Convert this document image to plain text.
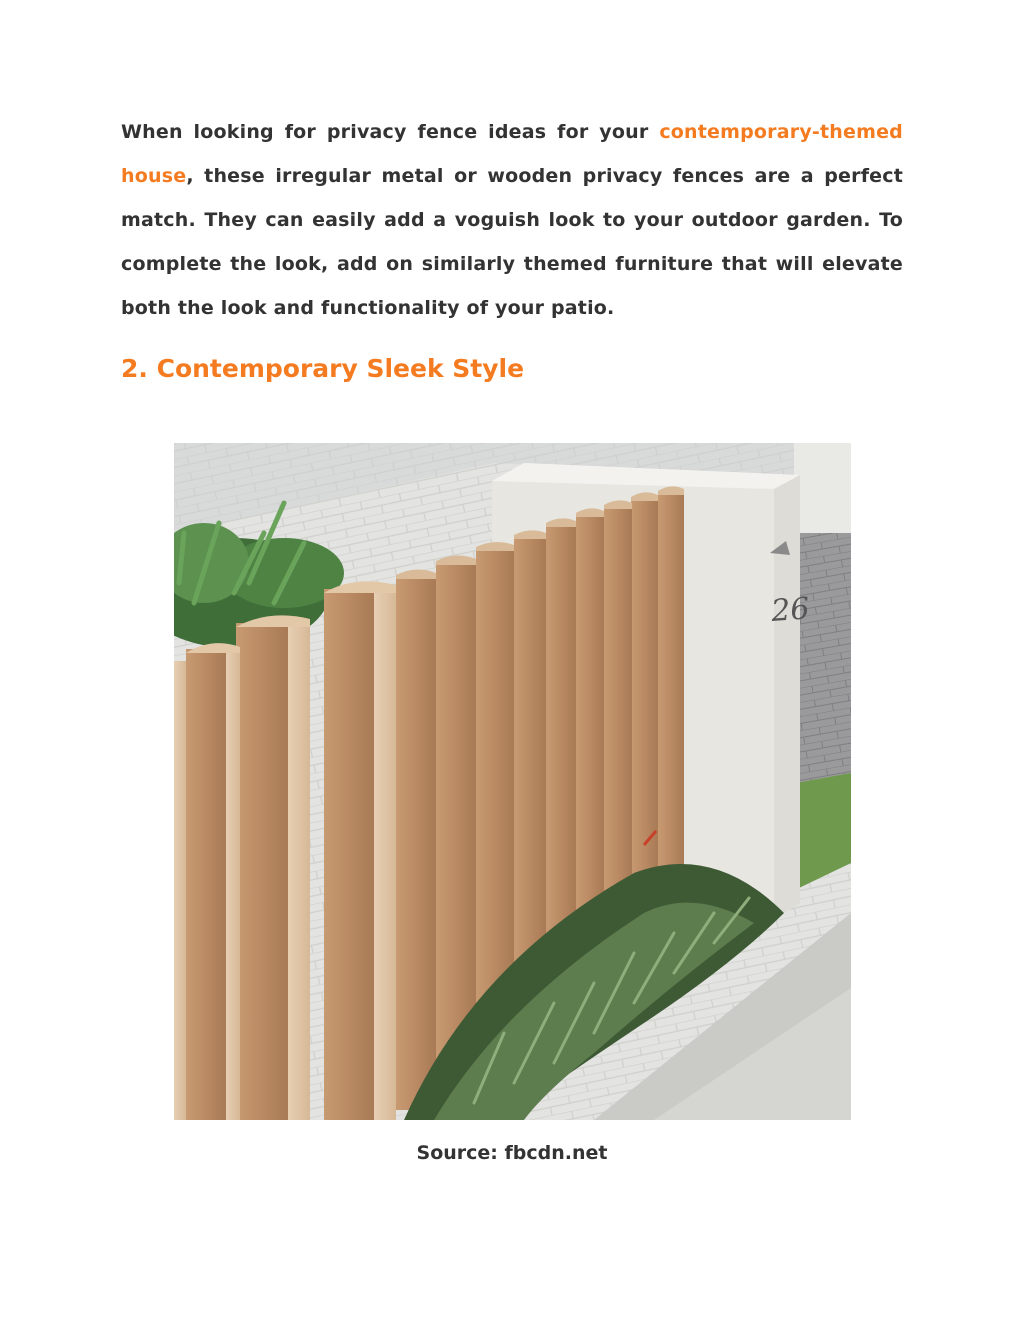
When looking for privacy fence ideas for your contemporary-themed house, these irregular metal or wooden privacy fences are a perfect match. They can easily add a voguish look to your outdoor garden. To complete the look, add on similarly themed furniture that will elevate both the look and functionality of your patio.

2. Contemporary Sleek Style
26

Source: fbcdn.net
